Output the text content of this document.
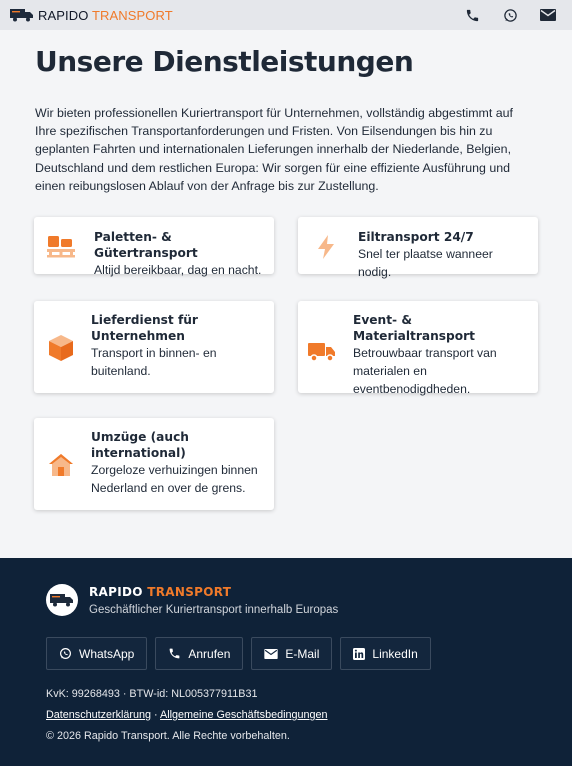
RAPIDO TRANSPORT
Unsere Dienstleistungen

Wir bieten professionellen Kuriertransport für Unternehmen, vollständig abgestimmt auf Ihre spezifischen Transportanforderungen und Fristen. Von Eilsendungen bis hin zu geplanten Fahrten und internationalen Lieferungen innerhalb der Niederlande, Belgien, Deutschland und dem restlichen Europa: Wir sorgen für eine effiziente Ausführung und einen reibungslosen Ablauf von der Anfrage bis zur Zustellung.

Paletten- & Gütertransport

Altijd bereikbaar, dag en nacht.

Eiltransport 24/7

Snel ter plaatse wanneer nodig.

Lieferdienst für Unternehmen

Transport in binnen- en buitenland.

Event- & Materialtransport

Betrouwbaar transport van materialen en eventbenodigdheden.

Umzüge (auch international)

Zorgeloze verhuizingen binnen Nederland en over de grens.

RAPIDO TRANSPORT
Geschäftlicher Kuriertransport innerhalb Europas
WhatsApp	Anrufen	E-Mail	LinkedIn
KvK: 99268493 · BTW-id: NL005377911B31
Datenschutzerklärung · Allgemeine Geschäftsbedingungen
© 2026 Rapido Transport. Alle Rechte vorbehalten.
